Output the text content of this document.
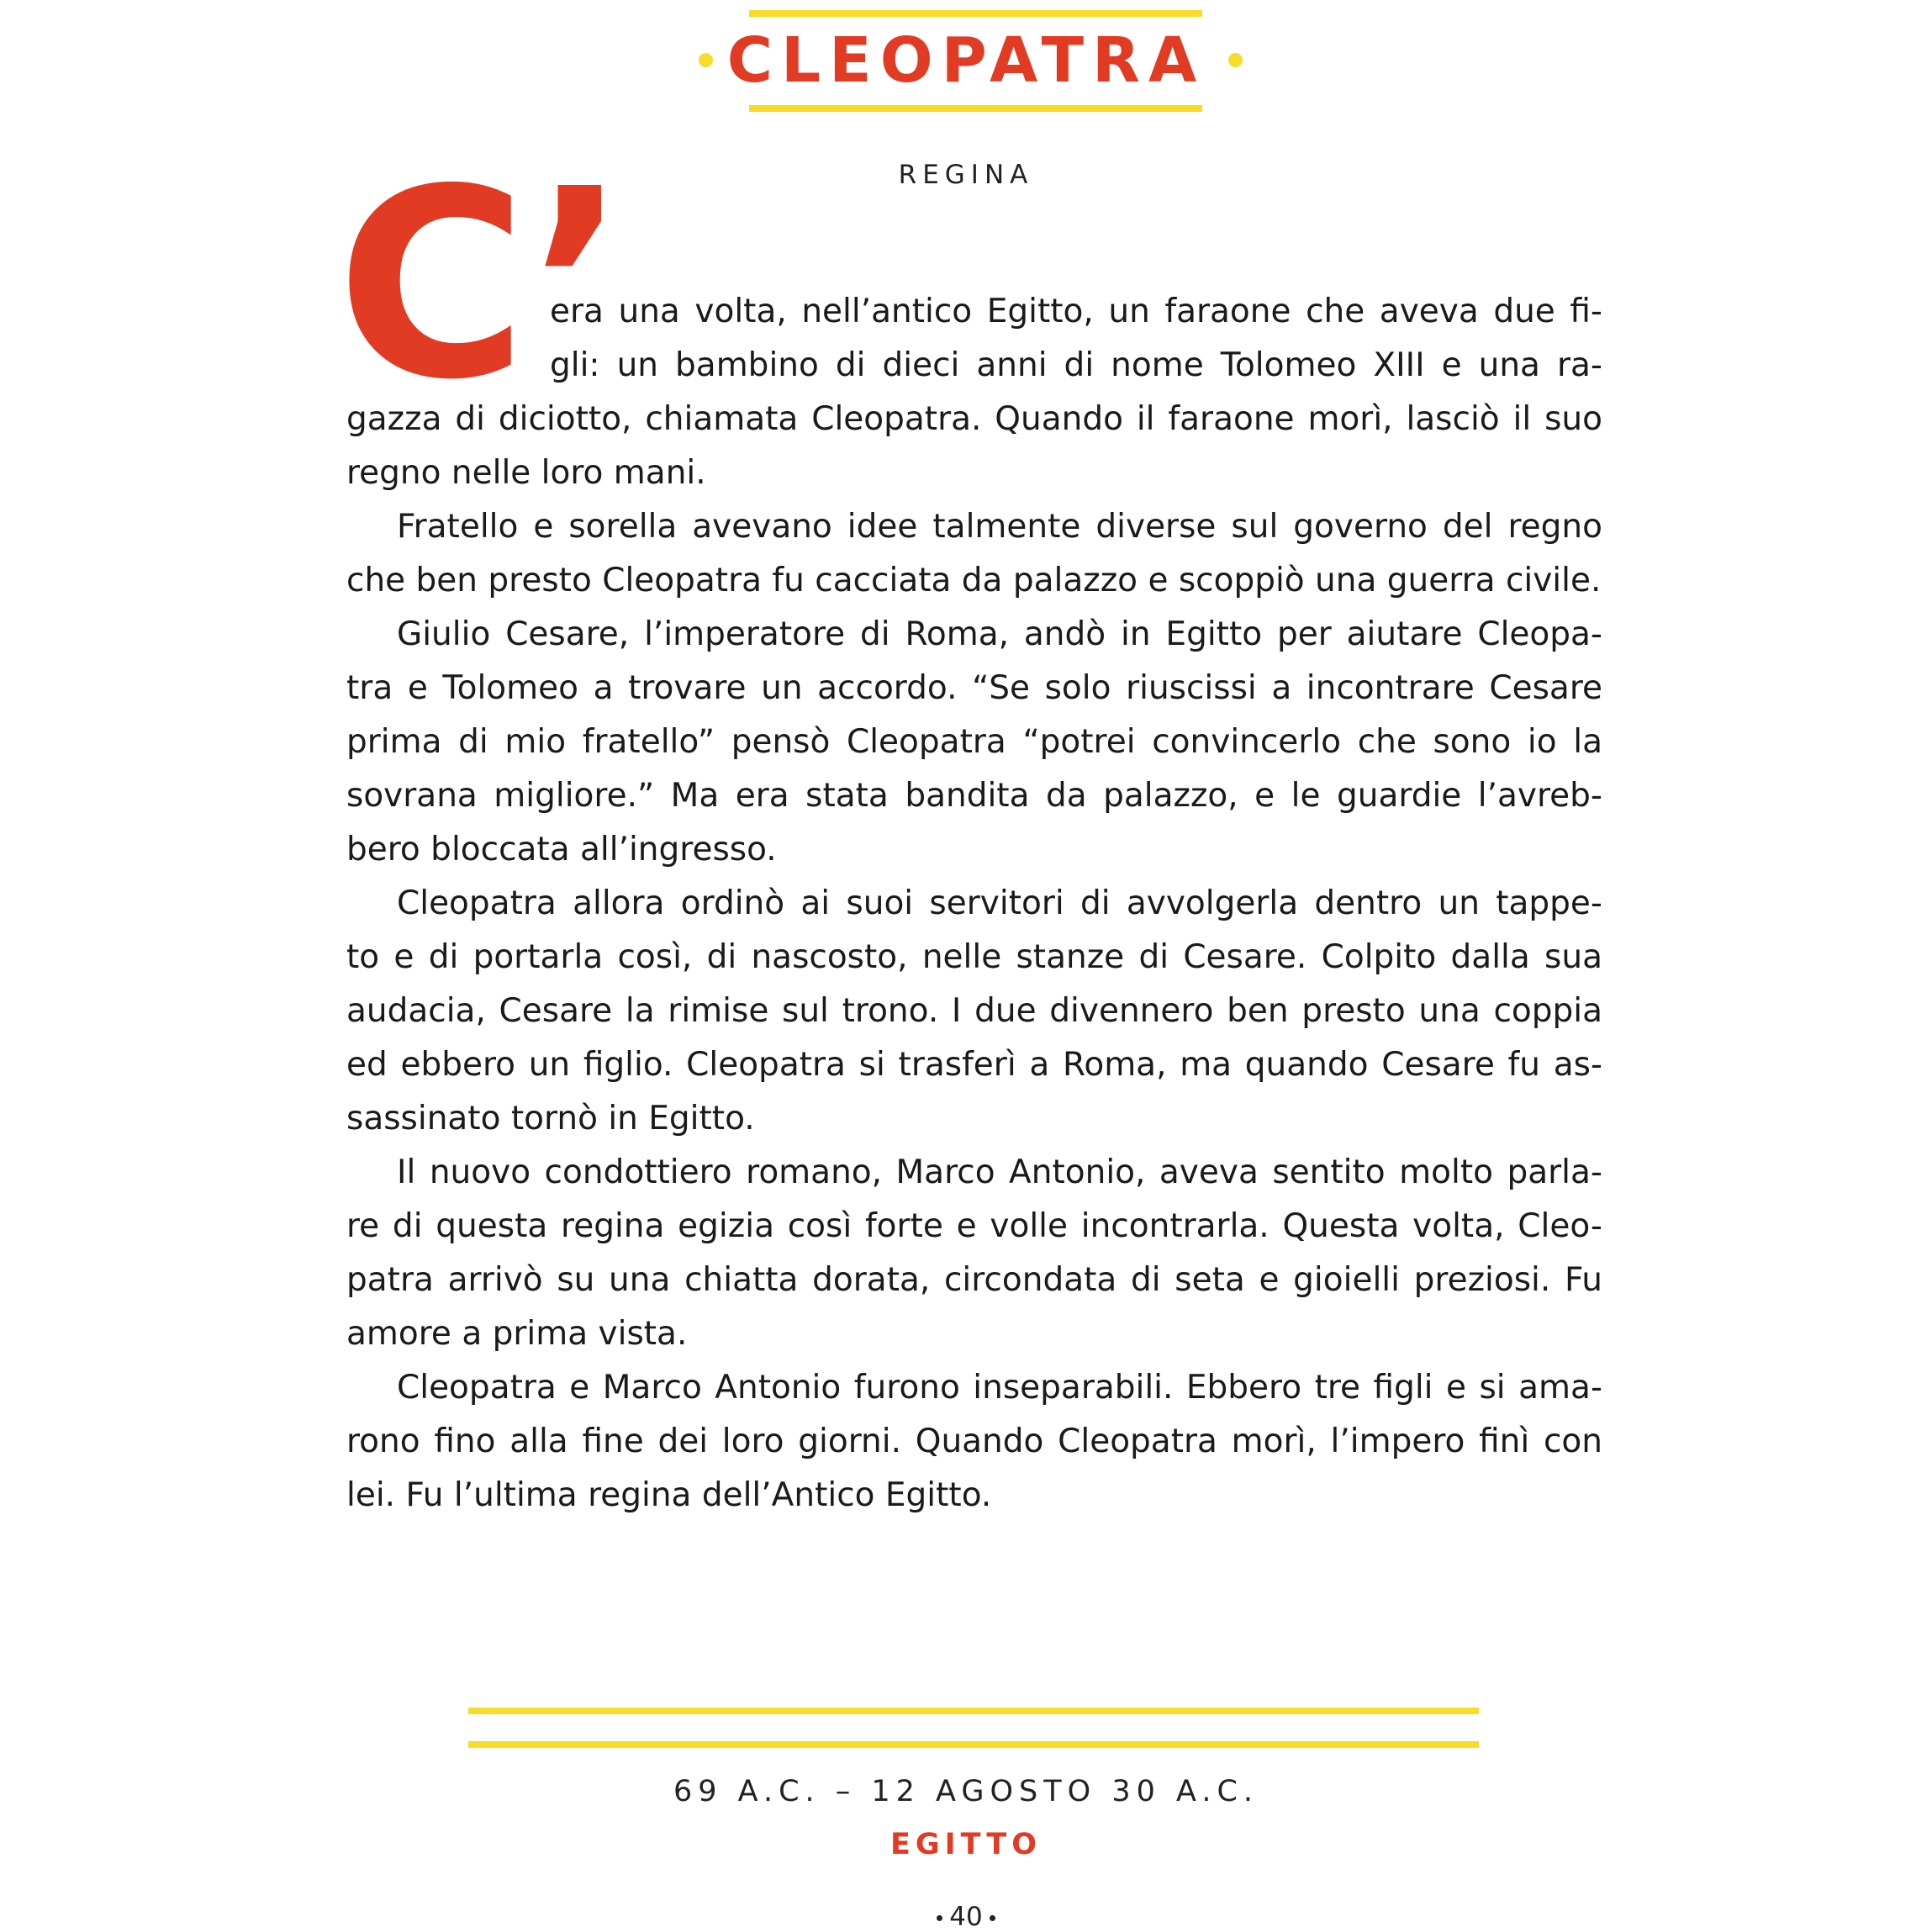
CLEOPATRA
REGINA
C’
era una volta, nell’antico Egitto, un faraone che aveva due fi-
gli: un bambino di dieci anni di nome Tolomeo XIII e una ra-
gazza di diciotto, chiamata Cleopatra. Quando il faraone morì, lasciò il suo
regno nelle loro mani.
Fratello e sorella avevano idee talmente diverse sul governo del regno
che ben presto Cleopatra fu cacciata da palazzo e scoppiò una guerra civile.
Giulio Cesare, l’imperatore di Roma, andò in Egitto per aiutare Cleopa-
tra e Tolomeo a trovare un accordo. “Se solo riuscissi a incontrare Cesare
prima di mio fratello” pensò Cleopatra “potrei convincerlo che sono io la
sovrana migliore.” Ma era stata bandita da palazzo, e le guardie l’avreb-
bero bloccata all’ingresso.
Cleopatra allora ordinò ai suoi servitori di avvolgerla dentro un tappe-
to e di portarla così, di nascosto, nelle stanze di Cesare. Colpito dalla sua
audacia, Cesare la rimise sul trono. I due divennero ben presto una coppia
ed ebbero un figlio. Cleopatra si trasferì a Roma, ma quando Cesare fu as-
sassinato tornò in Egitto.
Il nuovo condottiero romano, Marco Antonio, aveva sentito molto parla-
re di questa regina egizia così forte e volle incontrarla. Questa volta, Cleo-
patra arrivò su una chiatta dorata, circondata di seta e gioielli preziosi. Fu
amore a prima vista.
Cleopatra e Marco Antonio furono inseparabili. Ebbero tre figli e si ama-
rono fino alla fine dei loro giorni. Quando Cleopatra morì, l’impero finì con
lei. Fu l’ultima regina dell’Antico Egitto.
69 A.C. – 12 AGOSTO 30 A.C.
EGITTO
40
